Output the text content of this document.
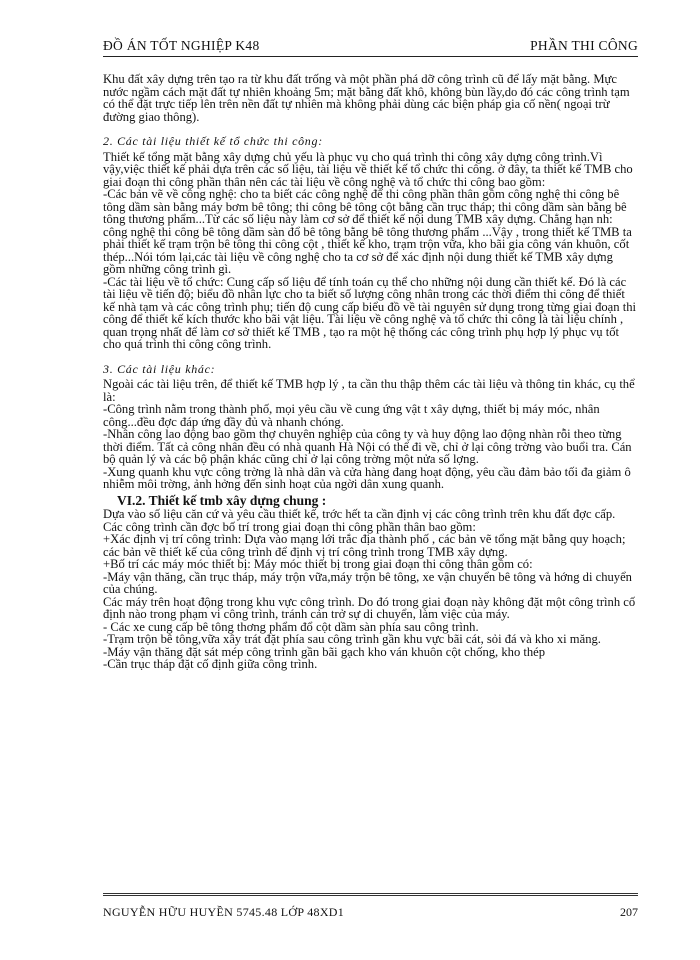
ĐỒ ÁN TỐT NGHIỆP K48	PHẦN THI CÔNG

Khu đất xây dựng trên tạo ra từ khu đất trống và một phần phá dỡ công trình cũ để lấy mặt bằng. Mực nước ngầm cách mặt đất tự nhiên khoảng 5m; mặt bằng đất khô, không bùn lầy,do đó các công trình tạm có thể đặt trực tiếp lên trên nền đất tự nhiên mà không phải dùng các biện pháp gia cố nền( ngoại trừ đường giao thông).

2. Các tài liệu thiết kế tổ chức thi công:

Thiết kế tổng mặt bằng xây dựng chủ yếu là phục vụ cho quá trình thi công xây dựng công trình.Vì vậy,việc thiết kế phải dựa trên các số liệu, tài liệu về thiết kế tổ chức thi công. ở đây, ta thiết kế TMB cho giai đoạn thi công phần thân nên các tài liệu về công nghệ và tổ chức thi công bao gồm:

-Các bản vẽ về công nghệ: cho ta biết các công nghệ để thi công phần thân gồm công nghệ thi công bê tông dầm sàn bằng máy bơm bê tông; thi công bê tông cột bằng cần trục tháp; thi công dầm sàn bằng bê tông thương phẩm...Từ các số liệu này làm cơ sở để thiết kế nội dung TMB xây dựng. Chẳng hạn nh: công nghệ thi công bê tông dầm sàn đổ bê tông bằng bê tông thương phẩm ...Vậy , trong thiết kế TMB ta phải thiết kế trạm trộn bê tông thi công cột , thiết kế kho, trạm trộn vữa, kho bãi gia công ván khuôn, cốt thép...Nói tóm lại,các tài liệu về công nghệ cho ta cơ sở để xác định nội dung thiết kế TMB xây dựng gồm những công trình gì.

-Các tài liệu về tổ chức: Cung cấp số liệu để tính toán cụ thể cho những nội dung cần thiết kế. Đó là các tài liệu về tiến độ; biểu đồ nhân lực cho ta biết số lượng công nhân trong các thời điểm thi công để thiết kế nhà tạm và các công trình phụ; tiến độ cung cấp biểu đồ về tài nguyên sử dụng trong từng giai đoạn thi công để thiết kế kích thước kho bãi vật liệu. Tài liệu về công nghệ và tổ chức thi công là tài liệu chính , quan trọng nhất để làm cơ sở thiết kế TMB , tạo ra một hệ thống các công trình phụ hợp lý phục vụ tốt cho quá trình thi công công trình.

3. Các tài liệu khác:

Ngoài các tài liệu trên, để thiết kế TMB hợp lý , ta cần thu thập thêm các tài liệu và thông tin khác, cụ thể là:

-Công trình nằm trong thành phố, mọi yêu cầu về cung ứng vật t xây dựng, thiết bị máy móc, nhân công...đều đợc đáp ứng đầy đủ và nhanh chóng.

-Nhân công lao động bao gồm thợ chuyên nghiệp của công ty và huy động lao động nhàn rỗi theo từng thời điểm. Tất cả công nhân đều có nhà quanh Hà Nội có thể đi về, chỉ ở lại công trờng vào buổi tra. Cán bộ quản lý và các bộ phận khác cũng chỉ ở lại công trờng một nửa số lợng.

-Xung quanh khu vực công trờng là nhà dân và cửa hàng đang hoạt động, yêu cầu đảm bảo tối đa giảm ô nhiễm môi trờng, ảnh hởng đến sinh hoạt của ngời dân xung quanh.

VI.2. Thiết kế tmb xây dựng chung :

Dựa vào số liệu căn cứ và yêu cầu thiết kế, trớc hết ta cần định vị các công trình trên khu đất đợc cấp. Các công trình cần đợc bố trí trong giai đoạn thi công phần thân bao gồm:

+Xác định vị trí công trình: Dựa vào mạng lới trắc địa thành phố , các bản vẽ tổng mặt bằng quy hoạch; các bản vẽ thiết kế của công trình để định vị trí công trình trong TMB xây dựng.

+Bố trí các máy móc thiết bị: Máy móc thiết bị trong giai đoạn thi công thân gồm có:

-Máy vận thăng, cần trục tháp, máy trộn vữa,máy trộn bê tông, xe vận chuyển bê tông và hớng di chuyển của chúng.

Các máy trên hoạt động trong khu vực công trình. Do đó trong giai đoạn này không đặt một công trình cố định nào trong phạm vi công trình, tránh cản trở sự di chuyển, làm việc của máy.

- Các xe cung cấp bê tông thơng phẩm đổ cột dầm sàn phía sau công trình.

-Trạm trộn bê tông,vữa xây trát đặt phía sau công trình gần khu vực bãi cát, sỏi đá và kho xi măng.

-Máy vận thăng đặt sát mép công trình gần bãi gạch kho ván khuôn cột chống, kho thép

-Cần trục tháp đặt cố định giữa công trình.

NGUYỄN HỮU HUYỀN 5745.48 LỚP 48XD1	207
